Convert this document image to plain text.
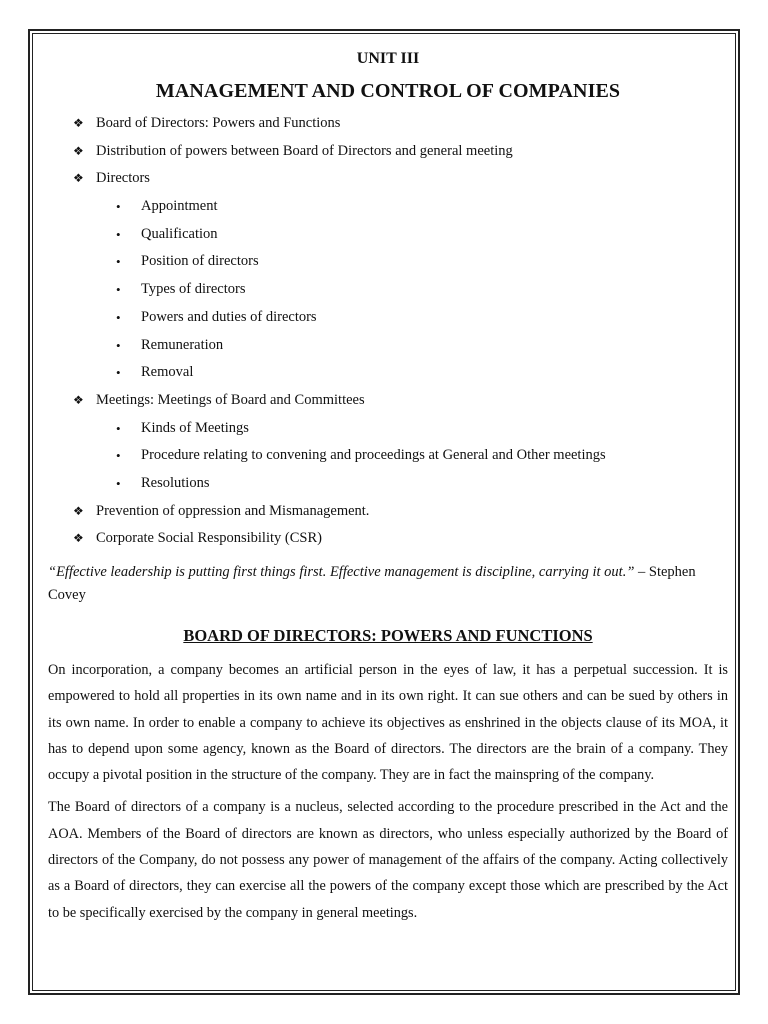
UNIT III
MANAGEMENT AND CONTROL OF COMPANIES
❖ Board of Directors: Powers and Functions
❖ Distribution of powers between Board of Directors and general meeting
❖ Directors
• Appointment
• Qualification
• Position of directors
• Types of directors
• Powers and duties of directors
• Remuneration
• Removal
❖ Meetings: Meetings of Board and Committees
• Kinds of Meetings
• Procedure relating to convening and proceedings at General and Other meetings
• Resolutions
❖ Prevention of oppression and Mismanagement.
❖ Corporate Social Responsibility (CSR)

“Effective leadership is putting first things first. Effective management is discipline, carrying it out.” – Stephen Covey

BOARD OF DIRECTORS: POWERS AND FUNCTIONS

On incorporation, a company becomes an artificial person in the eyes of law, it has a perpetual succession. It is empowered to hold all properties in its own name and in its own right. It can sue others and can be sued by others in its own name. In order to enable a company to achieve its objectives as enshrined in the objects clause of its MOA, it has to depend upon some agency, known as the Board of directors. The directors are the brain of a company. They occupy a pivotal position in the structure of the company. They are in fact the mainspring of the company.

The Board of directors of a company is a nucleus, selected according to the procedure prescribed in the Act and the AOA. Members of the Board of directors are known as directors, who unless especially authorized by the Board of directors of the Company, do not possess any power of management of the affairs of the company. Acting collectively as a Board of directors, they can exercise all the powers of the company except those which are prescribed by the Act to be specifically exercised by the company in general meetings.
